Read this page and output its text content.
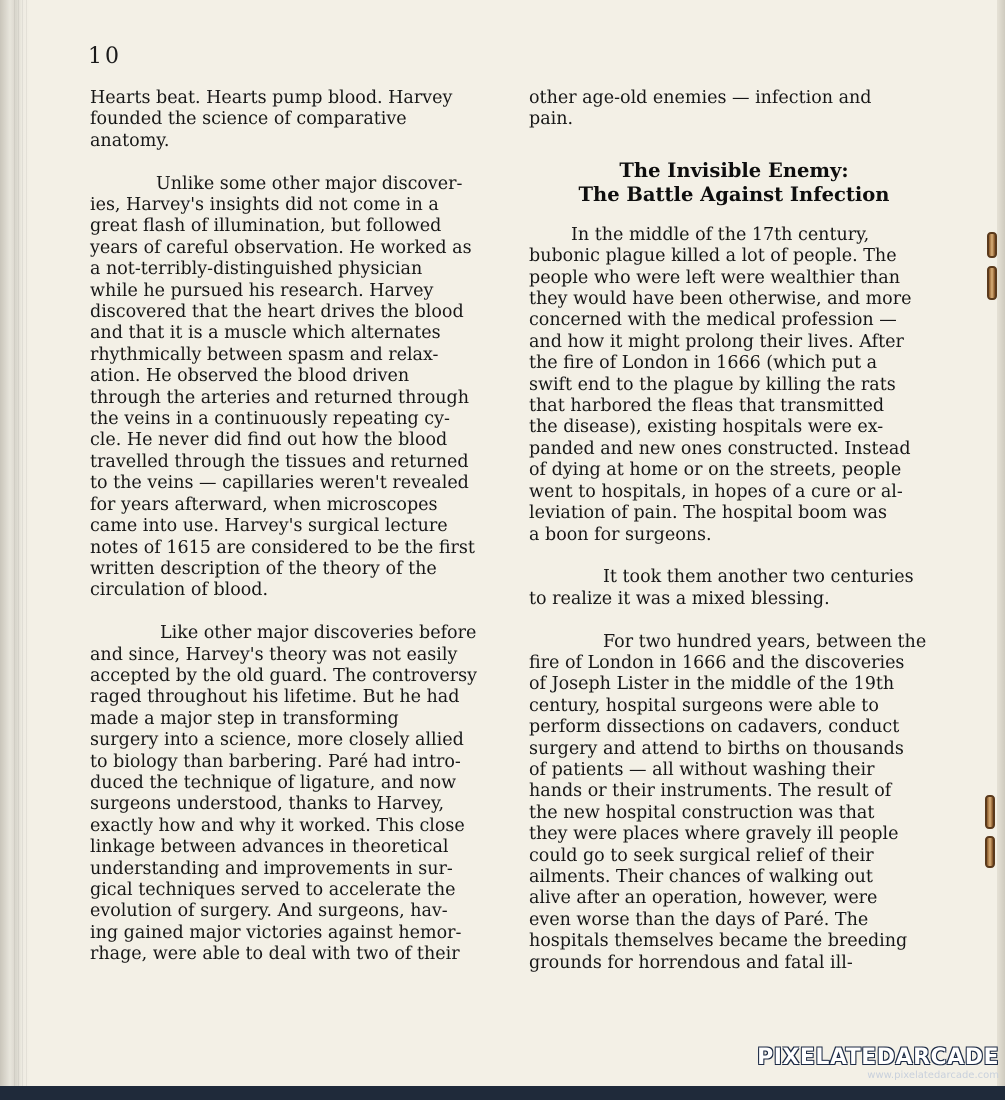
10

Hearts beat. Hearts pump blood. Harvey
founded the science of comparative
anatomy.

Unlike some other major discover-
ies, Harvey's insights did not come in a
great flash of illumination, but followed
years of careful observation. He worked as
a not-terribly-distinguished physician
while he pursued his research. Harvey
discovered that the heart drives the blood
and that it is a muscle which alternates
rhythmically between spasm and relax-
ation. He observed the blood driven
through the arteries and returned through
the veins in a continuously repeating cy-
cle. He never did find out how the blood
travelled through the tissues and returned
to the veins — capillaries weren't revealed
for years afterward, when microscopes
came into use. Harvey's surgical lecture
notes of 1615 are considered to be the first
written description of the theory of the
circulation of blood.

Like other major discoveries before
and since, Harvey's theory was not easily
accepted by the old guard. The controversy
raged throughout his lifetime. But he had
made a major step in transforming
surgery into a science, more closely allied
to biology than barbering. Paré had intro-
duced the technique of ligature, and now
surgeons understood, thanks to Harvey,
exactly how and why it worked. This close
linkage between advances in theoretical
understanding and improvements in sur-
gical techniques served to accelerate the
evolution of surgery. And surgeons, hav-
ing gained major victories against hemor-
rhage, were able to deal with two of their

other age-old enemies — infection and
pain.

The Invisible Enemy:
The Battle Against Infection

In the middle of the 17th century,
bubonic plague killed a lot of people. The
people who were left were wealthier than
they would have been otherwise, and more
concerned with the medical profession —
and how it might prolong their lives. After
the fire of London in 1666 (which put a
swift end to the plague by killing the rats
that harbored the fleas that transmitted
the disease), existing hospitals were ex-
panded and new ones constructed. Instead
of dying at home or on the streets, people
went to hospitals, in hopes of a cure or al-
leviation of pain. The hospital boom was
a boon for surgeons.

It took them another two centuries
to realize it was a mixed blessing.

For two hundred years, between the
fire of London in 1666 and the discoveries
of Joseph Lister in the middle of the 19th
century, hospital surgeons were able to
perform dissections on cadavers, conduct
surgery and attend to births on thousands
of patients — all without washing their
hands or their instruments. The result of
the new hospital construction was that
they were places where gravely ill people
could go to seek surgical relief of their
ailments. Their chances of walking out
alive after an operation, however, were
even worse than the days of Paré. The
hospitals themselves became the breeding
grounds for horrendous and fatal ill-

PIXELATEDARCADE
www.pixelatedarcade.com
